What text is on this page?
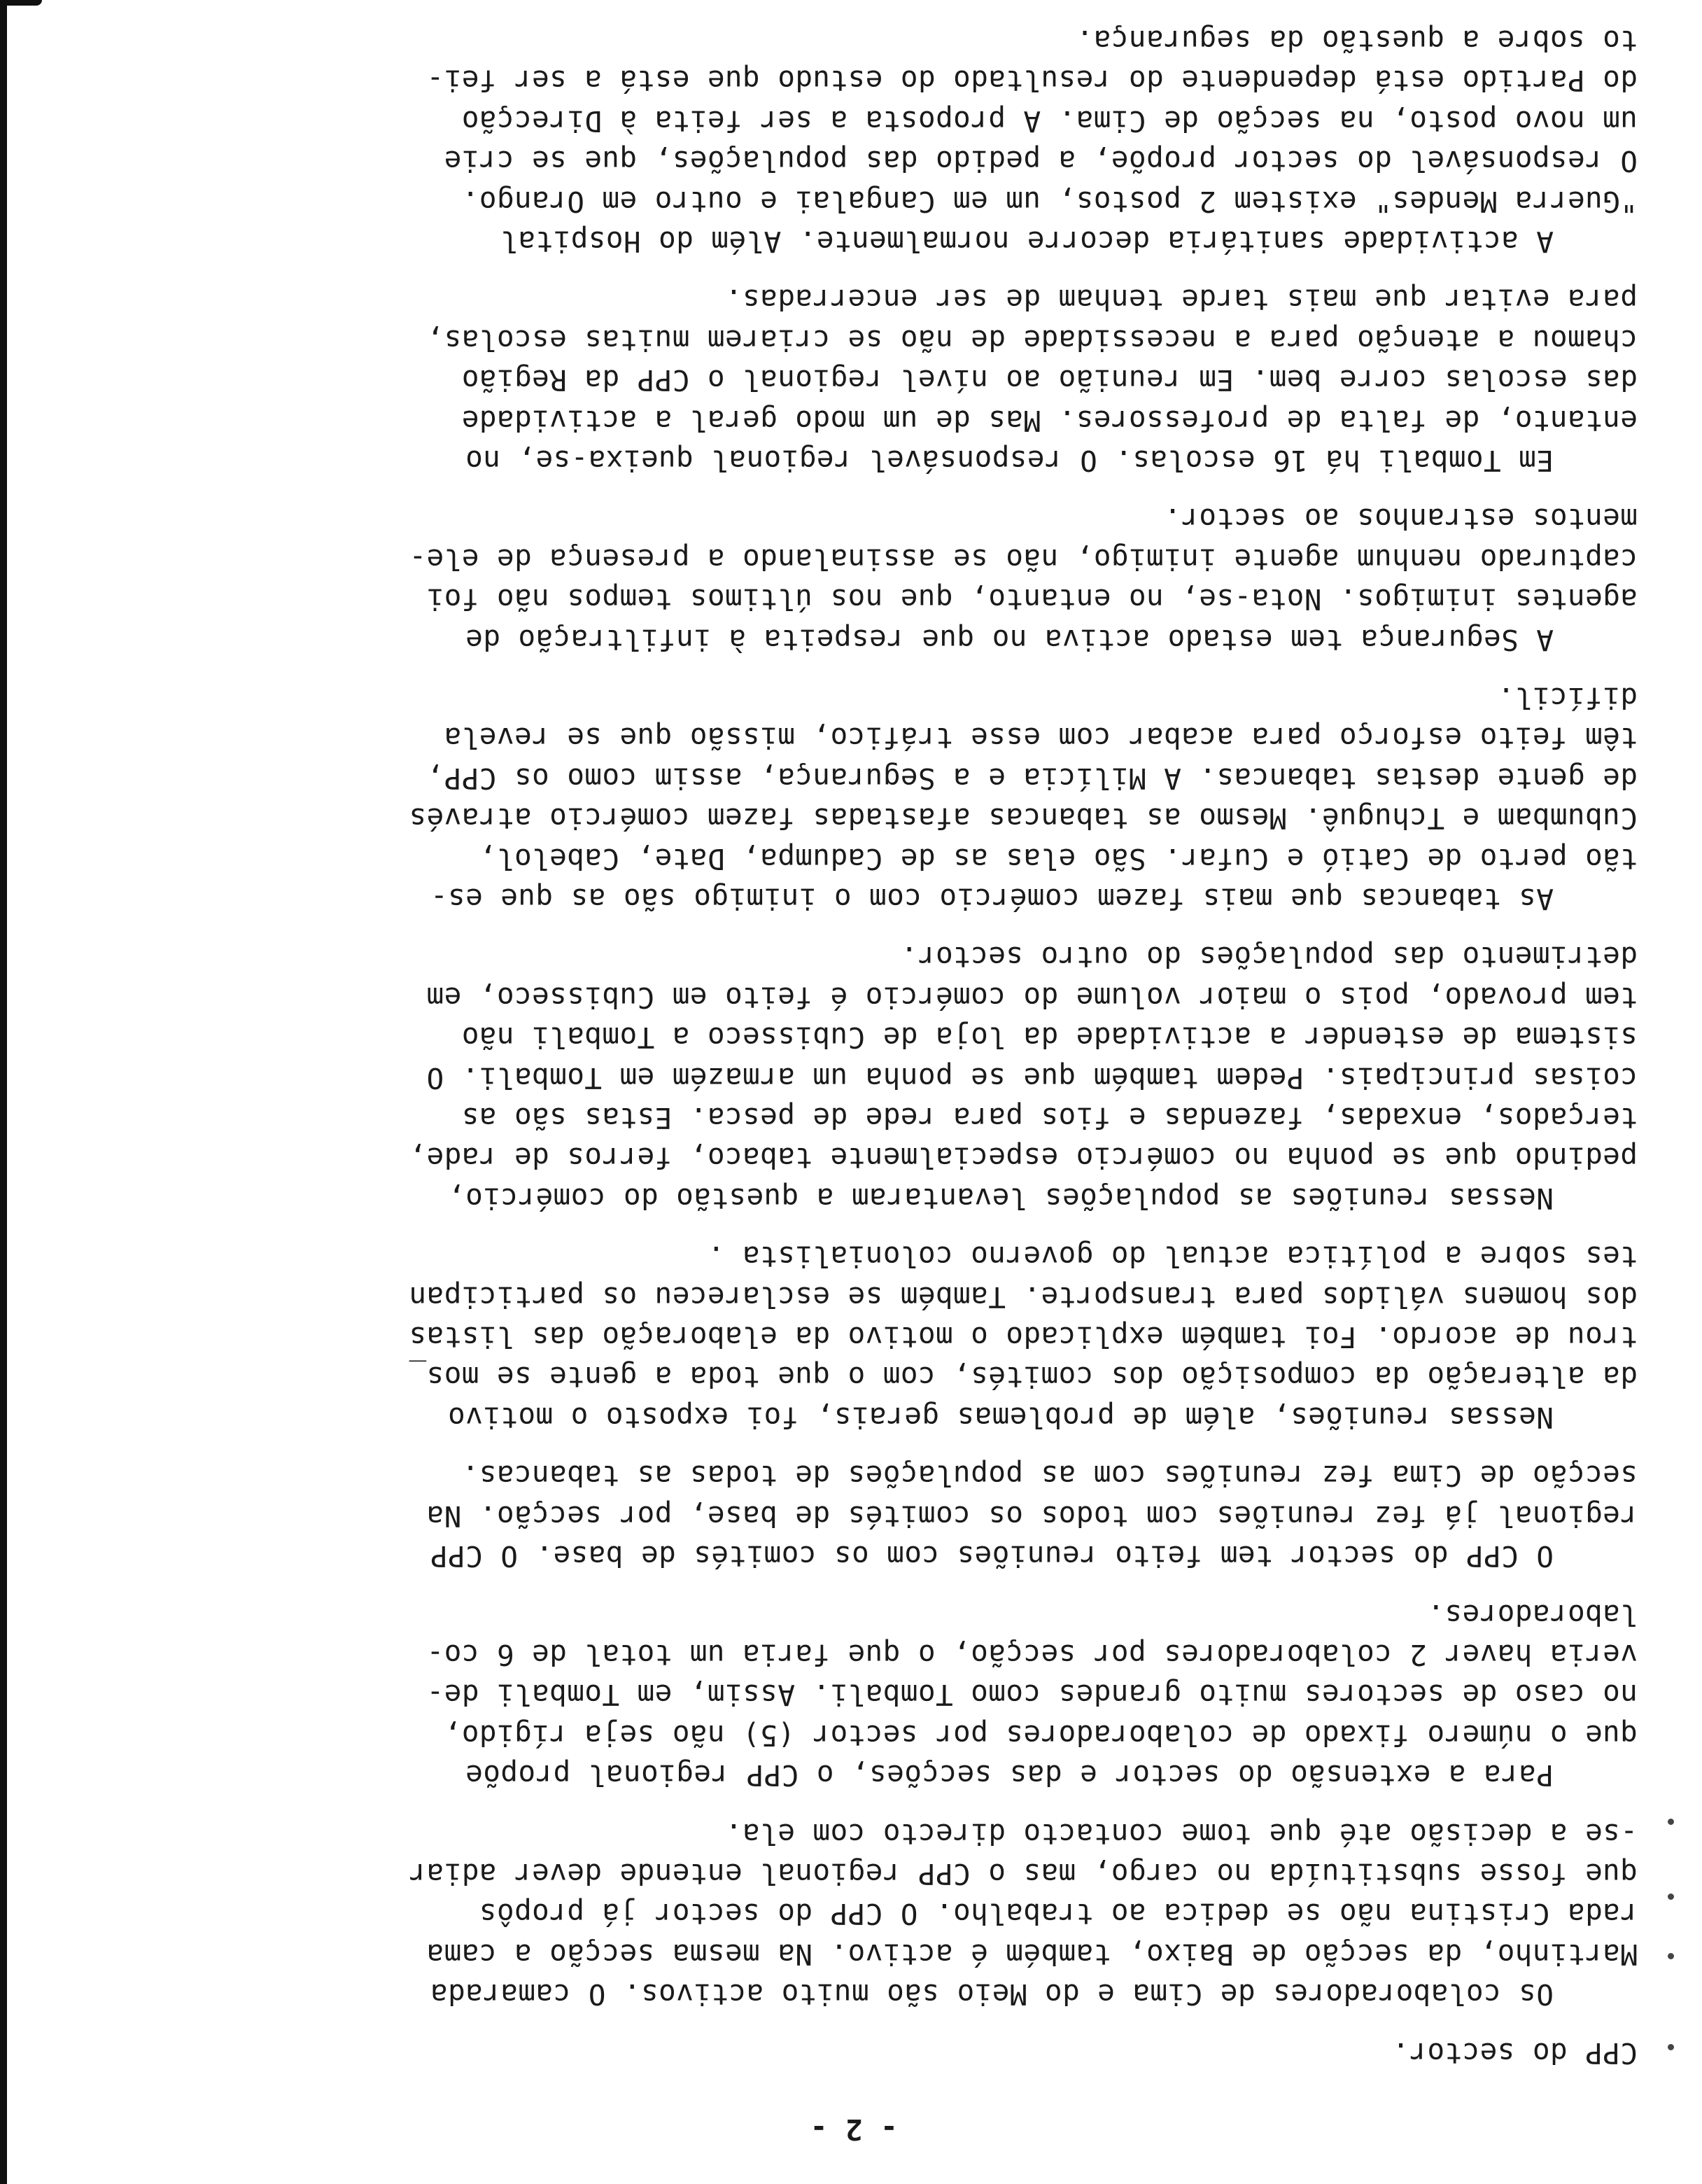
- 2 -
CPP do sector.
Os colaboradores de Cima e do Meio são muito activos. O camarada
Martinho, da secção de Baixo, também é activo. Na mesma secção a cama
rada Cristina não se dedica ao trabalho. O CPP do sector já propôs
que fosse substituída no cargo, mas o CPP regional entende dever adiar
-se a decisão até que tome contacto directo com ela.
Para a extensão do sector e das secções, o CPP regional propõe
que o número fixado de colaboradores por sector (5) não seja rígido,
no caso de sectores muito grandes como Tombali. Assim, em Tombali de-
veria haver 2 colaboradores por secção, o que faria um total de 6 co-
laboradores.
O CPP do sector tem feito reuniões com os comités de base. O CPP
regional já fez reuniões com todos os comités de base, por secção. Na
secção de Cima fez reuniões com as populações de todas as tabancas.
Nessas reuniões, além de problemas gerais, foi exposto o motivo
da alteração da composição dos comités, com o que toda a gente se mos_
trou de acordo. Foi também explicado o motivo da elaboração das listas
dos homens válidos para transporte. Também se esclareceu os participan
tes sobre a política actual do governo colonialista .
Nessas reuniões as populações levantaram a questão do comércio,
pedindo que se ponha no comércio especialmente tabaco, ferros de rade,
terçados, enxadas, fazendas e fios para rede de pesca. Estas são as
coisas principais. Pedem também que se ponha um armazém em Tombali. O
sistema de estender a actividade da loja de Cubisseco a Tombali não
tem provado, pois o maior volume do comércio é feito em Cubisseco, em
detrimento das populações do outro sector.
As tabancas que mais fazem comércio com o inimigo são as que es-
tão perto de Catió e Cufar. São elas as de Cadumpa, Date, Cabelol,
Cubumbam e Tchuguê. Mesmo as tabancas afastadas fazem comércio através
de gente destas tabancas. A Milícia e a Segurança, assim como os CPP,
têm feito esforço para acabar com esse tráfico, missão que se revela
difícil.
A Segurança tem estado activa no que respeita à infiltração de
agentes inimigos. Nota-se, no entanto, que nos últimos tempos não foi
capturado nenhum agente inimigo, não se assinalando a presença de ele-
mentos estranhos ao sector.
Em Tombali há 16 escolas. O responsável regional queixa-se, no
entanto, de falta de professores. Mas de um modo geral a actividade
das escolas corre bem. Em reunião ao nível regional o CPP da Região
chamou a atenção para a necessidade de não se criarem muitas escolas,
para evitar que mais tarde tenham de ser encerradas.
A actividade sanitária decorre normalmente. Além do Hospital
"Guerra Mendes" existem 2 postos, um em Cangalai e outro em Orango.
O responsável do sector propõe, a pedido das populações, que se crie
um novo posto, na secção de Cima. A proposta a ser feita à Direcção
do Partido está dependente do resultado do estudo que está a ser fei-
to sobre a questão da segurança.
